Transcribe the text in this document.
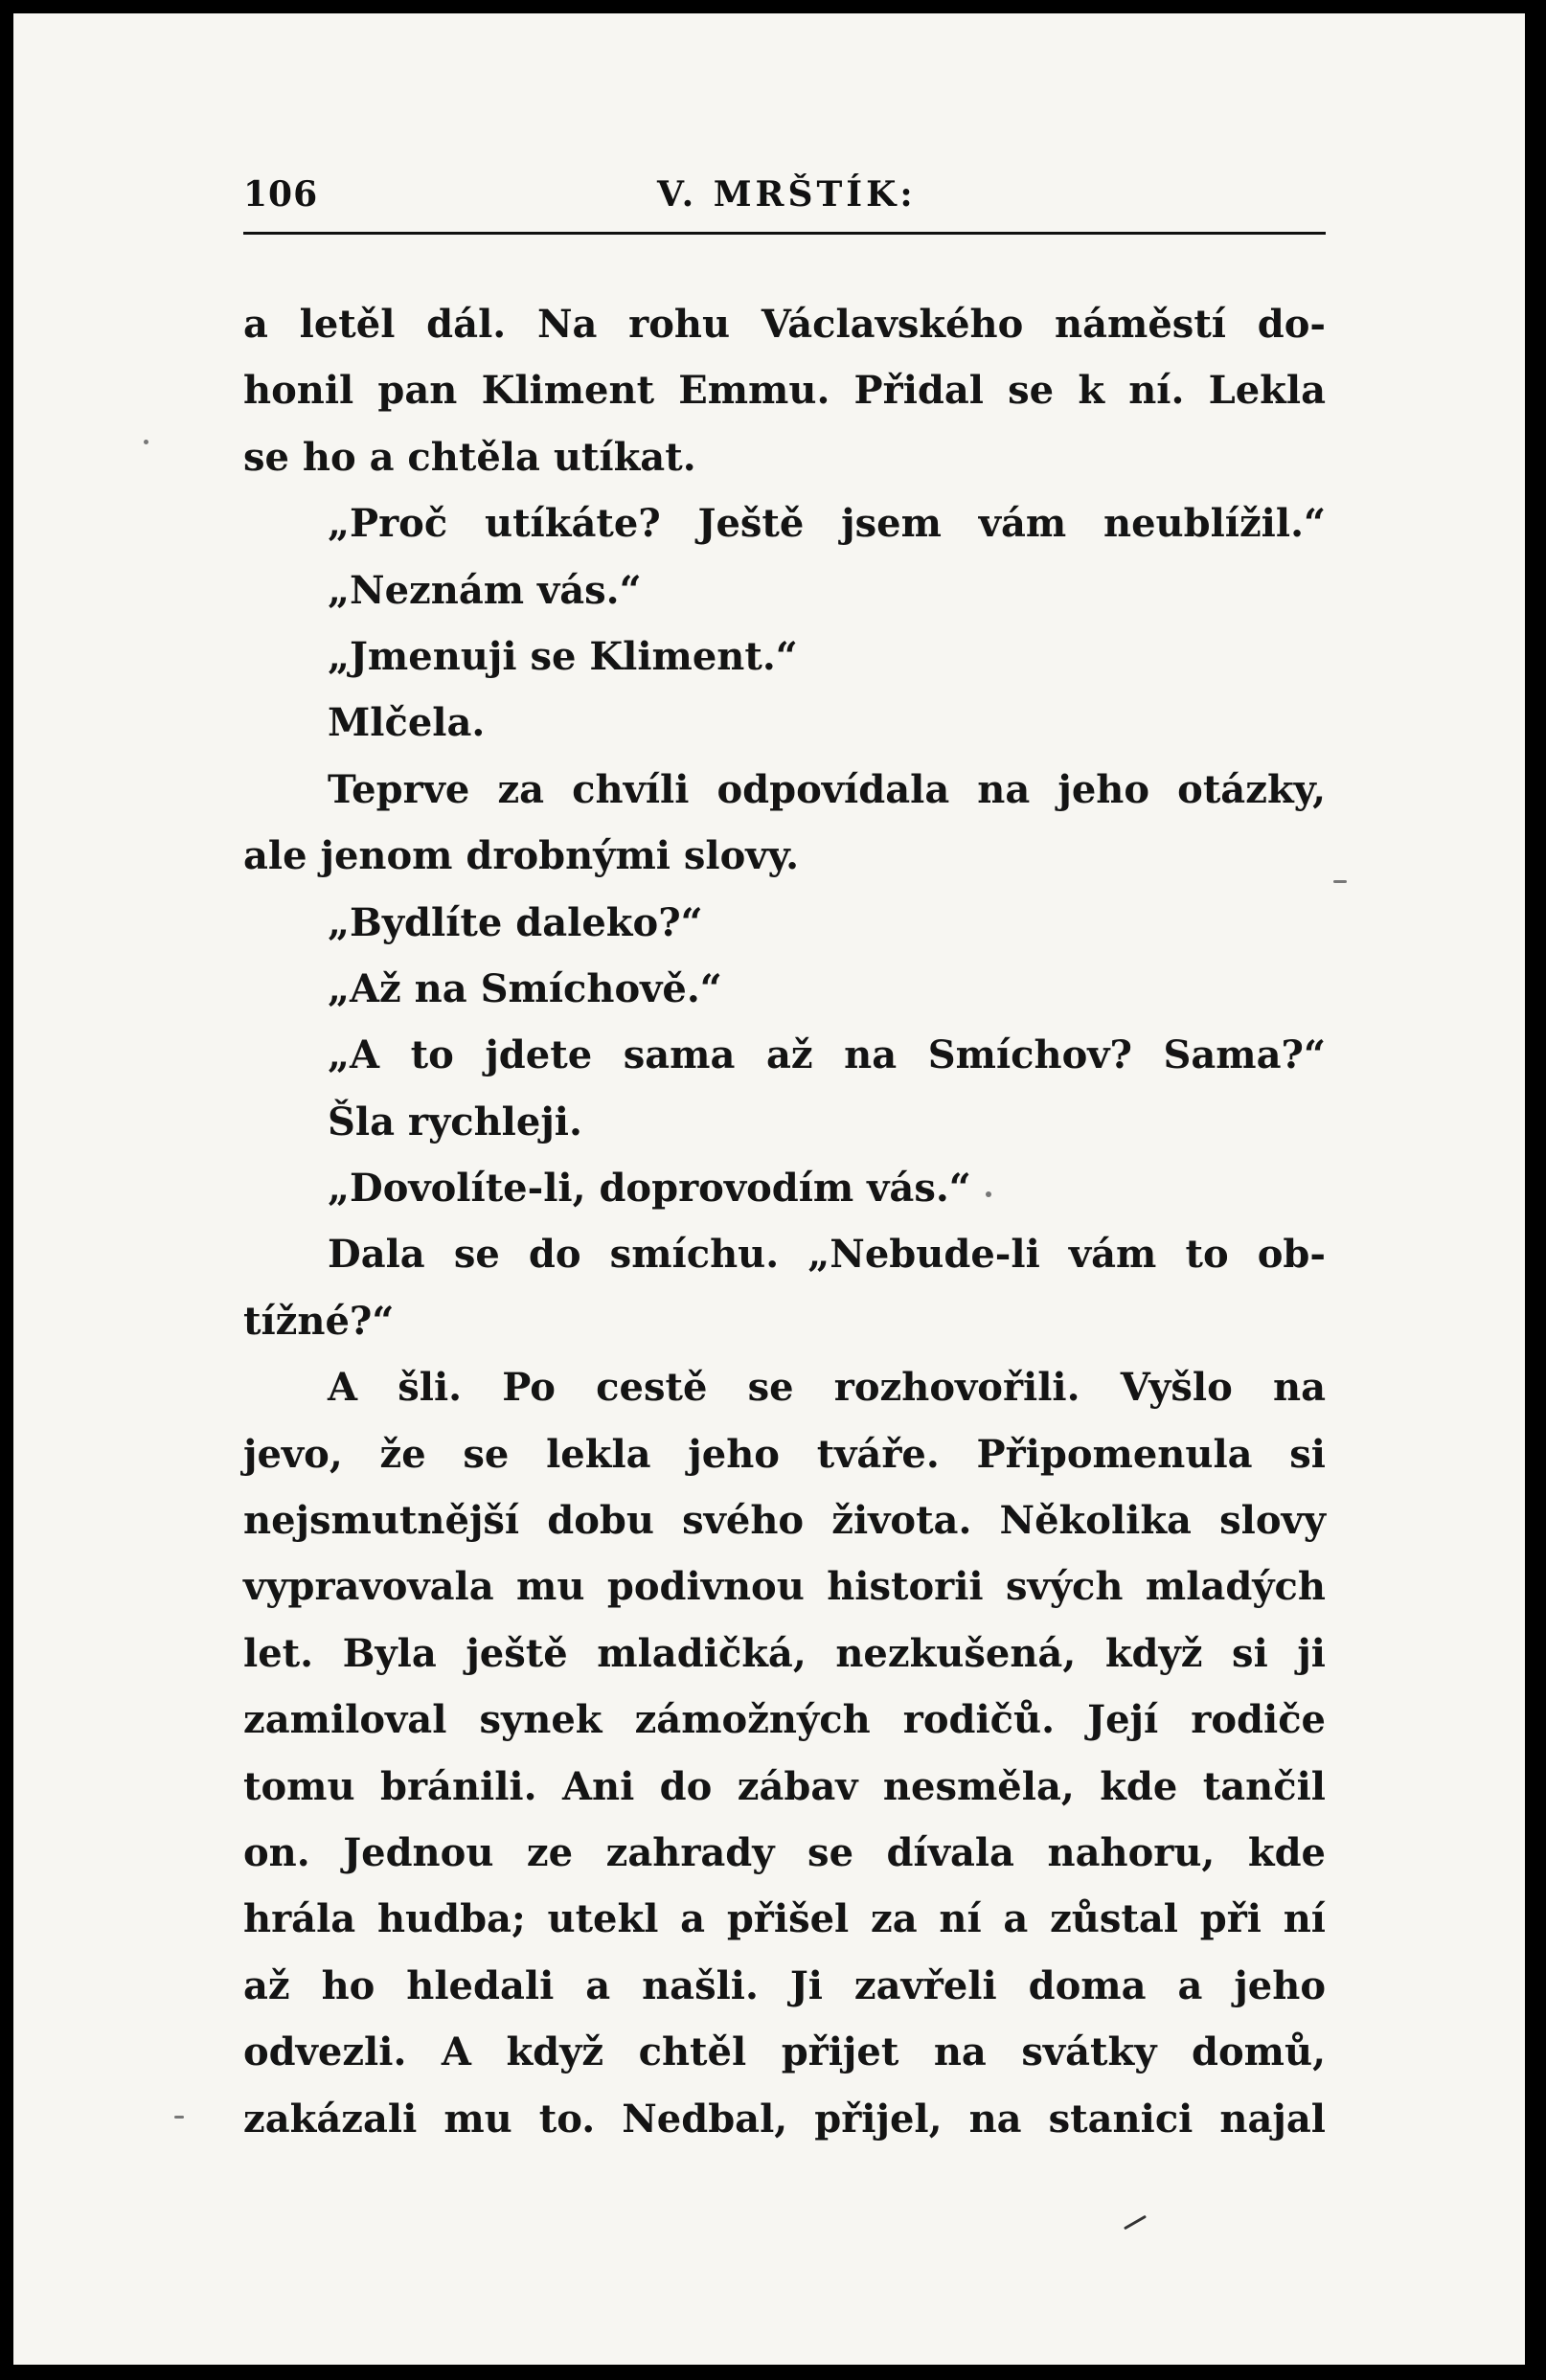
106	V. MRŠTÍK:
a letěl dál. Na rohu Václavského náměstí do-
honil pan Kliment Emmu. Přidal se k ní. Lekla
se ho a chtěla utíkat.
„Proč utíkáte? Ještě jsem vám neublížil.“
„Neznám vás.“
„Jmenuji se Kliment.“
Mlčela.
Teprve za chvíli odpovídala na jeho otázky,
ale jenom drobnými slovy.
„Bydlíte daleko?“
„Až na Smíchově.“
„A to jdete sama až na Smíchov? Sama?“
Šla rychleji.
„Dovolíte-li, doprovodím vás.“
Dala se do smíchu. „Nebude-li vám to ob-
tížné?“
A šli. Po cestě se rozhovořili. Vyšlo na
jevo, že se lekla jeho tváře. Připomenula si
nejsmutnější dobu svého života. Několika slovy
vypravovala mu podivnou historii svých mladých
let. Byla ještě mladičká, nezkušená, když si ji
zamiloval synek zámožných rodičů. Její rodiče
tomu bránili. Ani do zábav nesměla, kde tančil
on. Jednou ze zahrady se dívala nahoru, kde
hrála hudba; utekl a přišel za ní a zůstal při ní
až ho hledali a našli. Ji zavřeli doma a jeho
odvezli. A když chtěl přijet na svátky domů,
zakázali mu to. Nedbal, přijel, na stanici najal
